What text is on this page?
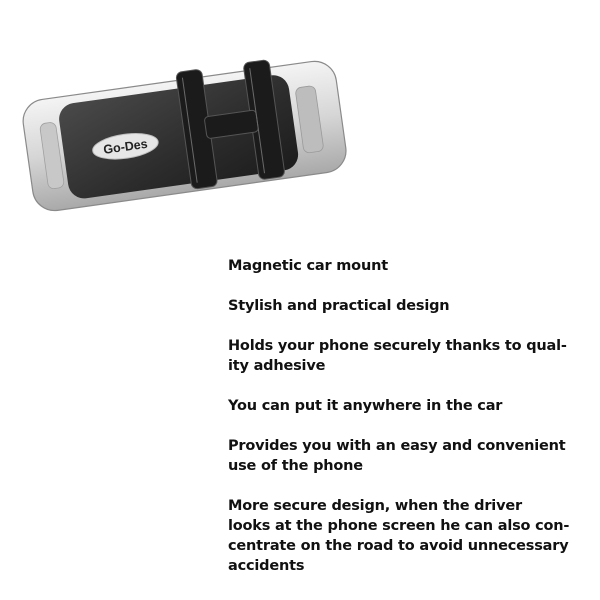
Go-Des

Magnetic car mount

Stylish and practical design

Holds your phone securely thanks to qual-
ity adhesive

You can put it anywhere in the car

Provides you with an easy and convenient
use of the phone

More secure design, when the driver
looks at the phone screen he can also con-
centrate on the road to avoid unnecessary
accidents
